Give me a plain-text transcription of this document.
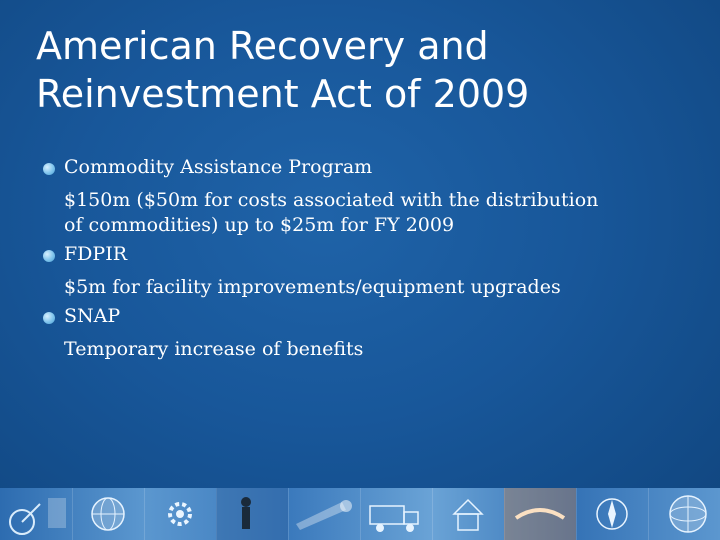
American Recovery and
Reinvestment Act of 2009
Commodity Assistance Program
$150m ($50m for costs associated with the distribution
of commodities) up to $25m for FY 2009
FDPIR
$5m for facility improvements/equipment upgrades
SNAP
Temporary increase of benefits
